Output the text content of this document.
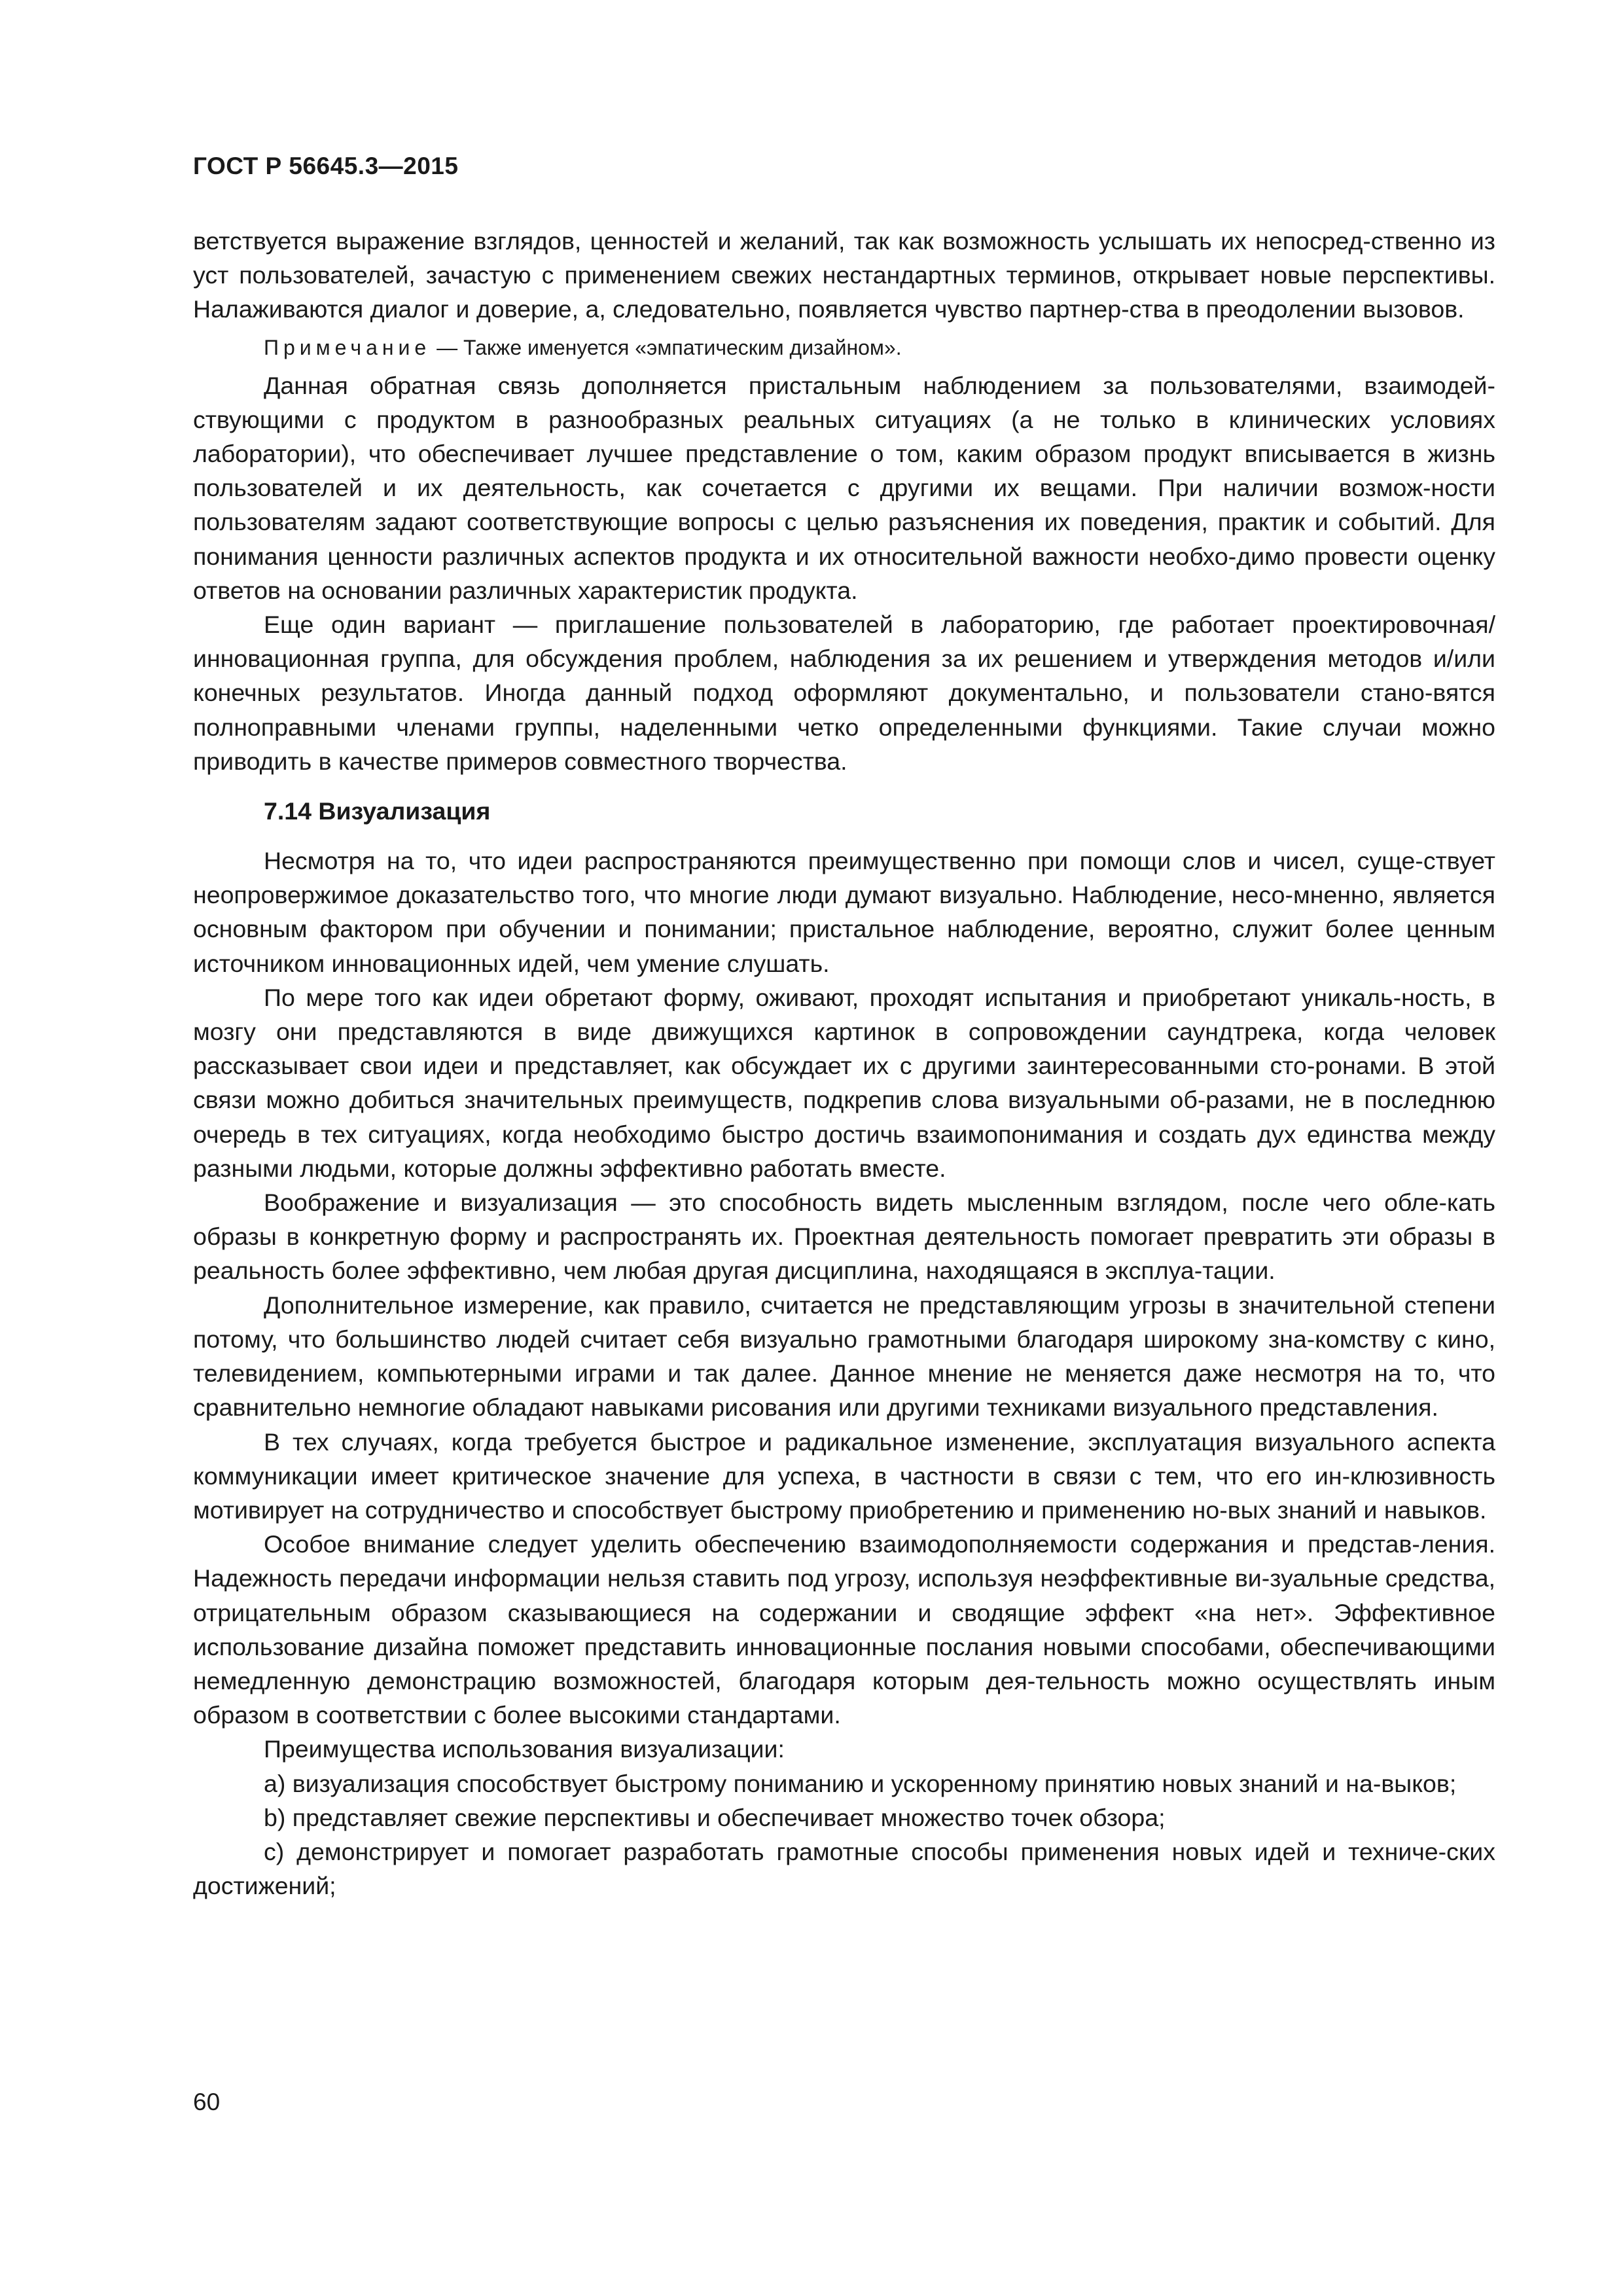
ГОСТ Р 56645.3—2015

ветствуется выражение взглядов, ценностей и желаний, так как возможность услышать их непосред-ственно из уст пользователей, зачастую с применением свежих нестандартных терминов, открывает новые перспективы. Налаживаются диалог и доверие, а, следовательно, появляется чувство партнер-ства в преодолении вызовов.

Примечание — Также именуется «эмпатическим дизайном».

Данная обратная связь дополняется пристальным наблюдением за пользователями, взаимодей-ствующими с продуктом в разнообразных реальных ситуациях (а не только в клинических условиях лаборатории), что обеспечивает лучшее представление о том, каким образом продукт вписывается в жизнь пользователей и их деятельность, как сочетается с другими их вещами. При наличии возмож-ности пользователям задают соответствующие вопросы с целью разъяснения их поведения, практик и событий. Для понимания ценности различных аспектов продукта и их относительной важности необхо-димо провести оценку ответов на основании различных характеристик продукта.

Еще один вариант — приглашение пользователей в лабораторию, где работает проектировочная/инновационная группа, для обсуждения проблем, наблюдения за их решением и утверждения методов и/или конечных результатов. Иногда данный подход оформляют документально, и пользователи стано-вятся полноправными членами группы, наделенными четко определенными функциями. Такие случаи можно приводить в качестве примеров совместного творчества.

7.14 Визуализация

Несмотря на то, что идеи распространяются преимущественно при помощи слов и чисел, суще-ствует неопровержимое доказательство того, что многие люди думают визуально. Наблюдение, несо-мненно, является основным фактором при обучении и понимании; пристальное наблюдение, вероятно, служит более ценным источником инновационных идей, чем умение слушать.

По мере того как идеи обретают форму, оживают, проходят испытания и приобретают уникаль-ность, в мозгу они представляются в виде движущихся картинок в сопровождении саундтрека, когда человек рассказывает свои идеи и представляет, как обсуждает их с другими заинтересованными сто-ронами. В этой связи можно добиться значительных преимуществ, подкрепив слова визуальными об-разами, не в последнюю очередь в тех ситуациях, когда необходимо быстро достичь взаимопонимания и создать дух единства между разными людьми, которые должны эффективно работать вместе.

Воображение и визуализация — это способность видеть мысленным взглядом, после чего обле-кать образы в конкретную форму и распространять их. Проектная деятельность помогает превратить эти образы в реальность более эффективно, чем любая другая дисциплина, находящаяся в эксплуа-тации.

Дополнительное измерение, как правило, считается не представляющим угрозы в значительной степени потому, что большинство людей считает себя визуально грамотными благодаря широкому зна-комству с кино, телевидением, компьютерными играми и так далее. Данное мнение не меняется даже несмотря на то, что сравнительно немногие обладают навыками рисования или другими техниками визуального представления.

В тех случаях, когда требуется быстрое и радикальное изменение, эксплуатация визуального аспекта коммуникации имеет критическое значение для успеха, в частности в связи с тем, что его ин-клюзивность мотивирует на сотрудничество и способствует быстрому приобретению и применению но-вых знаний и навыков.

Особое внимание следует уделить обеспечению взаимодополняемости содержания и представ-ления. Надежность передачи информации нельзя ставить под угрозу, используя неэффективные ви-зуальные средства, отрицательным образом сказывающиеся на содержании и сводящие эффект «на нет». Эффективное использование дизайна поможет представить инновационные послания новыми способами, обеспечивающими немедленную демонстрацию возможностей, благодаря которым дея-тельность можно осуществлять иным образом в соответствии с более высокими стандартами.

Преимущества использования визуализации:

a) визуализация способствует быстрому пониманию и ускоренному принятию новых знаний и на-выков;

b) представляет свежие перспективы и обеспечивает множество точек обзора;

c) демонстрирует и помогает разработать грамотные способы применения новых идей и техниче-ских достижений;

60
